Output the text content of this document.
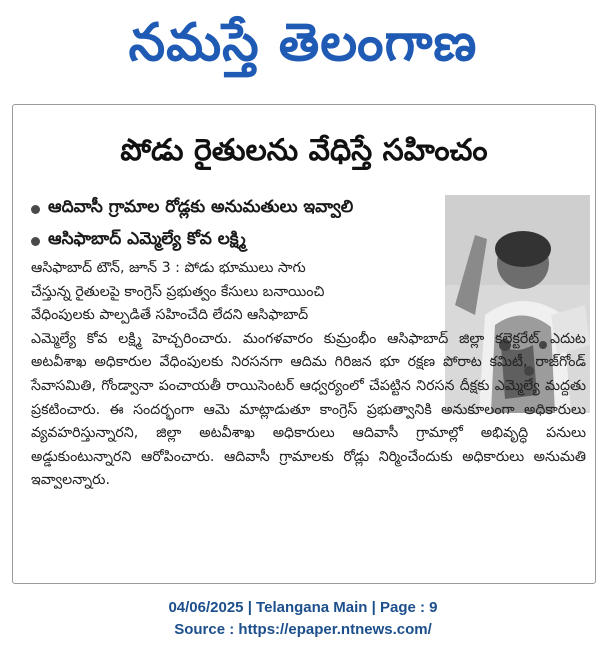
నమస్తే తెలంగాణ
పోడు రైతులను వేధిస్తే సహించం
ఆదివాసీ గ్రామాల రోడ్లకు అనుమతులు ఇవ్వాలి
ఆసిఫాబాద్ ఎమ్మెల్యే కోవ లక్ష్మి
ఆసిఫాబాద్ టౌన్, జూన్ 3 : పోడు భూములు సాగు
చేస్తున్న రైతులపై కాంగ్రెస్ ప్రభుత్వం కేసులు బనాయించి
వేధింపులకు పాల్పడితే సహించేది లేదని ఆసిఫాబాద్
ఎమ్మెల్యే కోవ లక్ష్మి హెచ్చరించారు. మంగళవారం కుమ్రంభీం ఆసిఫాబాద్ జిల్లా కలెక్టరేట్ ఎదుట అటవీశాఖ అధికారుల వేధింపులకు నిరసనగా ఆదిమ గిరిజన భూ రక్షణ పోరాట కమిటీ, రాజ్‌గోండ్ సేవాసమితి, గోండ్వానా పంచాయతీ రాయిసెంటర్ ఆధ్వర్యంలో చేపట్టిన నిరసన దీక్షకు ఎమ్మెల్యే మద్దతు ప్రకటించారు. ఈ సందర్భంగా ఆమె మాట్లాడుతూ కాంగ్రెస్ ప్రభుత్వానికి అనుకూలంగా అధికారులు వ్యవహరిస్తున్నారని, జిల్లా అటవీశాఖ అధికారులు ఆదివాసీ గ్రామాల్లో అభివృద్ధి పనులు అడ్డుకుంటున్నారని ఆరోపించారు. ఆదివాసీ గ్రామాలకు రోడ్లు నిర్మించేందుకు అధికారులు అనుమతి ఇవ్వాలన్నారు.
04/06/2025 | Telangana Main | Page : 9
Source : https://epaper.ntnews.com/
